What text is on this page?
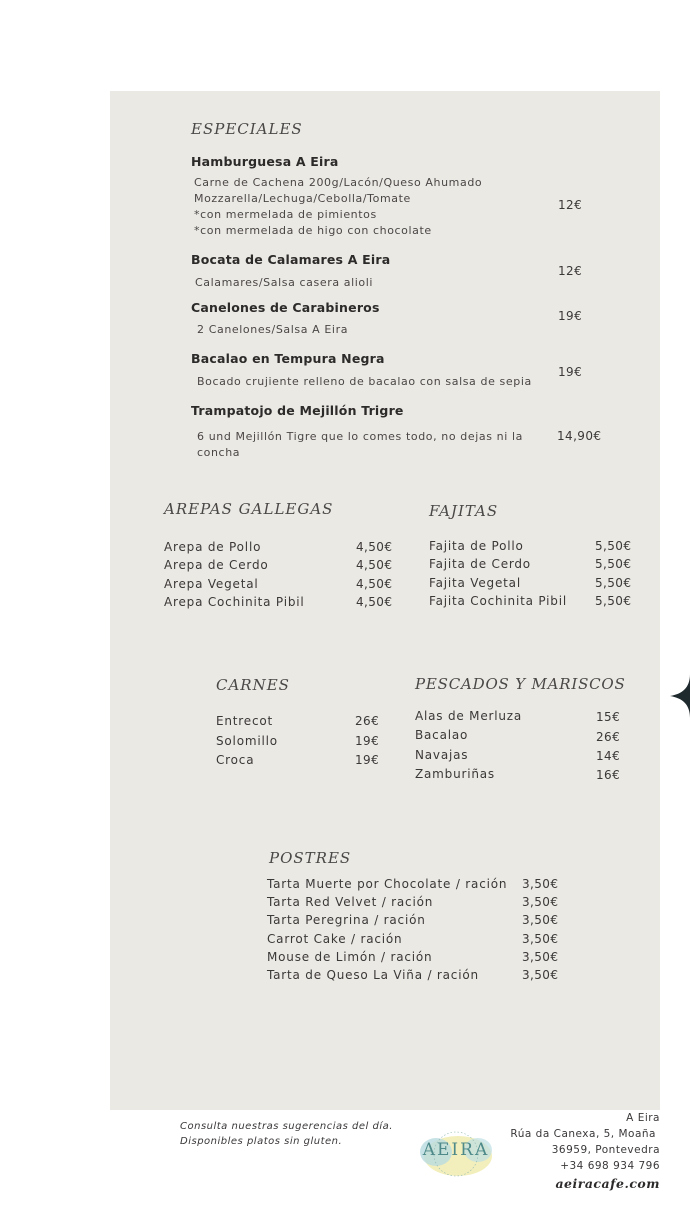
ESPECIALES
Hamburguesa A Eira
Carne de Cachena 200g/Lacón/Queso Ahumado
Mozzarella/Lechuga/Cebolla/Tomate
*con mermelada de pimientos
*con mermelada de higo con chocolate
12€
Bocata de Calamares A Eira
Calamares/Salsa casera alioli
12€
Canelones de Carabineros
2 Canelones/Salsa A Eira
19€
Bacalao en Tempura Negra
Bocado crujiente relleno de bacalao con salsa de sepia
19€
Trampatojo de Mejillón Trigre
6 und Mejillón Tigre que lo comes todo, no dejas ni la
concha
14,90€
AREPAS GALLEGAS
Arepa de Pollo	4,50€
Arepa de Cerdo	4,50€
Arepa Vegetal	4,50€
Arepa Cochinita Pibil	4,50€
FAJITAS
Fajita de Pollo	5,50€
Fajita de Cerdo	5,50€
Fajita Vegetal	5,50€
Fajita Cochinita Pibil 5,50€
CARNES
Entrecot	26€
Solomillo	19€
Croca	19€
PESCADOS Y MARISCOS
Alas de Merluza	15€
Bacalao	26€
Navajas	14€
Zamburiñas	16€
POSTRES
Tarta Muerte por Chocolate / ración 3,50€
Tarta Red Velvet / ración	3,50€
Tarta Peregrina / ración	3,50€
Carrot Cake / ración	3,50€
Mouse de Limón / ración	3,50€
Tarta de Queso La Viña / ración	3,50€
Consulta nuestras sugerencias del día.
Disponibles platos sin gluten.	AEIRA
A Eira
Rúa da Canexa, 5, Moaña
36959, Pontevedra
+34 698 934 796
aeiracafe.com
